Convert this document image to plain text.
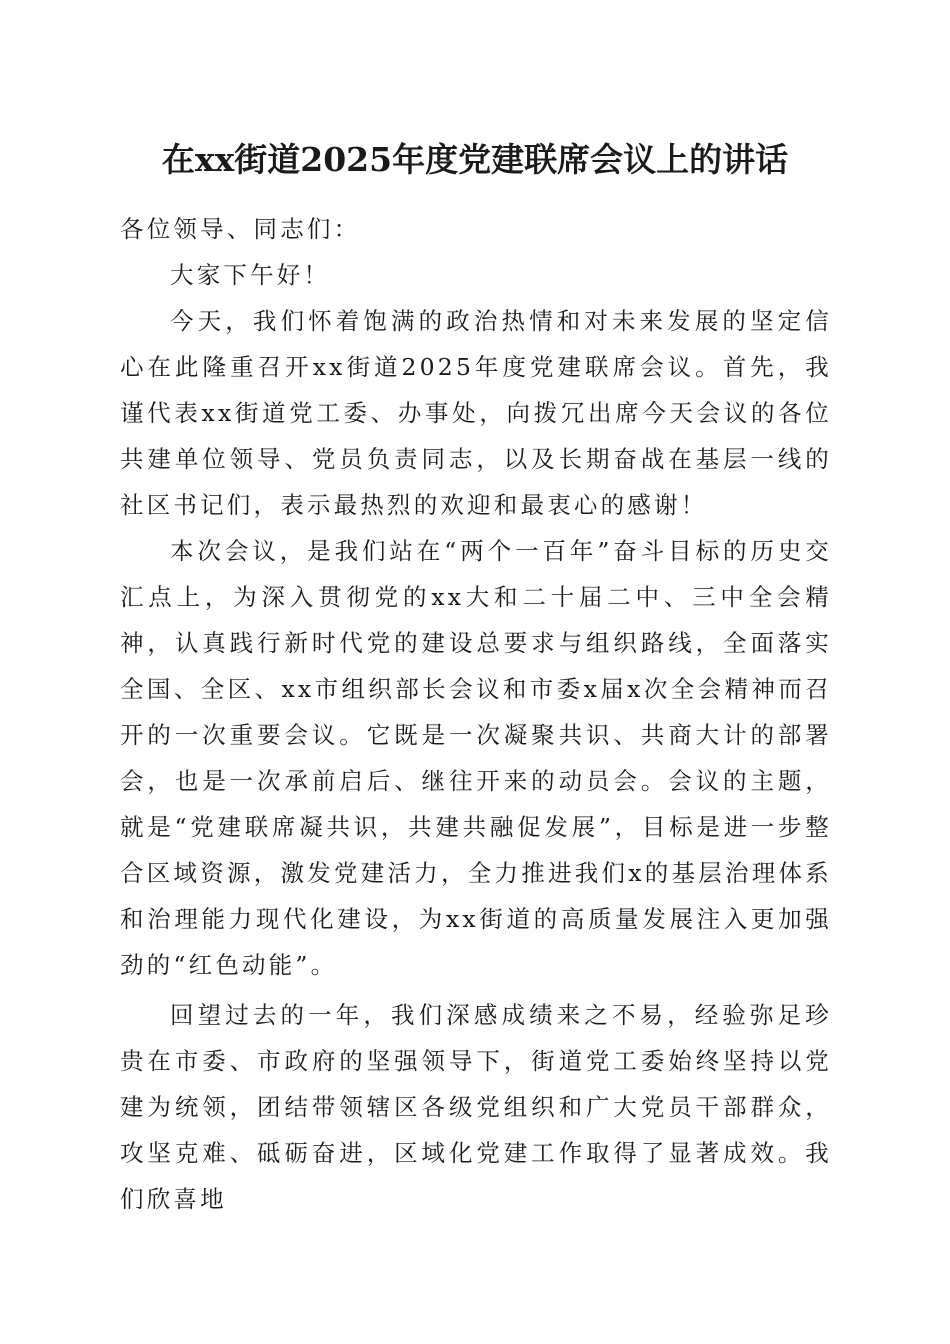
在xx街道2025年度党建联席会议上的讲话

各位领导、同志们：

大家下午好！

今天，我们怀着饱满的政治热情和对未来发展的坚定信心在此隆重召开xx街道2025年度党建联席会议。首先，我谨代表xx街道党工委、办事处，向拨冗出席今天会议的各位共建单位领导、党员负责同志，以及长期奋战在基层一线的社区书记们，表示最热烈的欢迎和最衷心的感谢！

本次会议，是我们站在“两个一百年”奋斗目标的历史交汇点上，为深入贯彻党的xx大和二十届二中、三中全会精神，认真践行新时代党的建设总要求与组织路线，全面落实全国、全区、xx市组织部长会议和市委x届x次全会精神而召开的一次重要会议。它既是一次凝聚共识、共商大计的部署会，也是一次承前启后、继往开来的动员会。会议的主题，就是“党建联席凝共识，共建共融促发展”，目标是进一步整合区域资源，激发党建活力，全力推进我们x的基层治理体系和治理能力现代化建设，为xx街道的高质量发展注入更加强劲的“红色动能”。

回望过去的一年，我们深感成绩来之不易，经验弥足珍贵在市委、市政府的坚强领导下，街道党工委始终坚持以党建为统领，团结带领辖区各级党组织和广大党员干部群众，攻坚克难、砥砺奋进，区域化党建工作取得了显著成效。我们欣喜地
